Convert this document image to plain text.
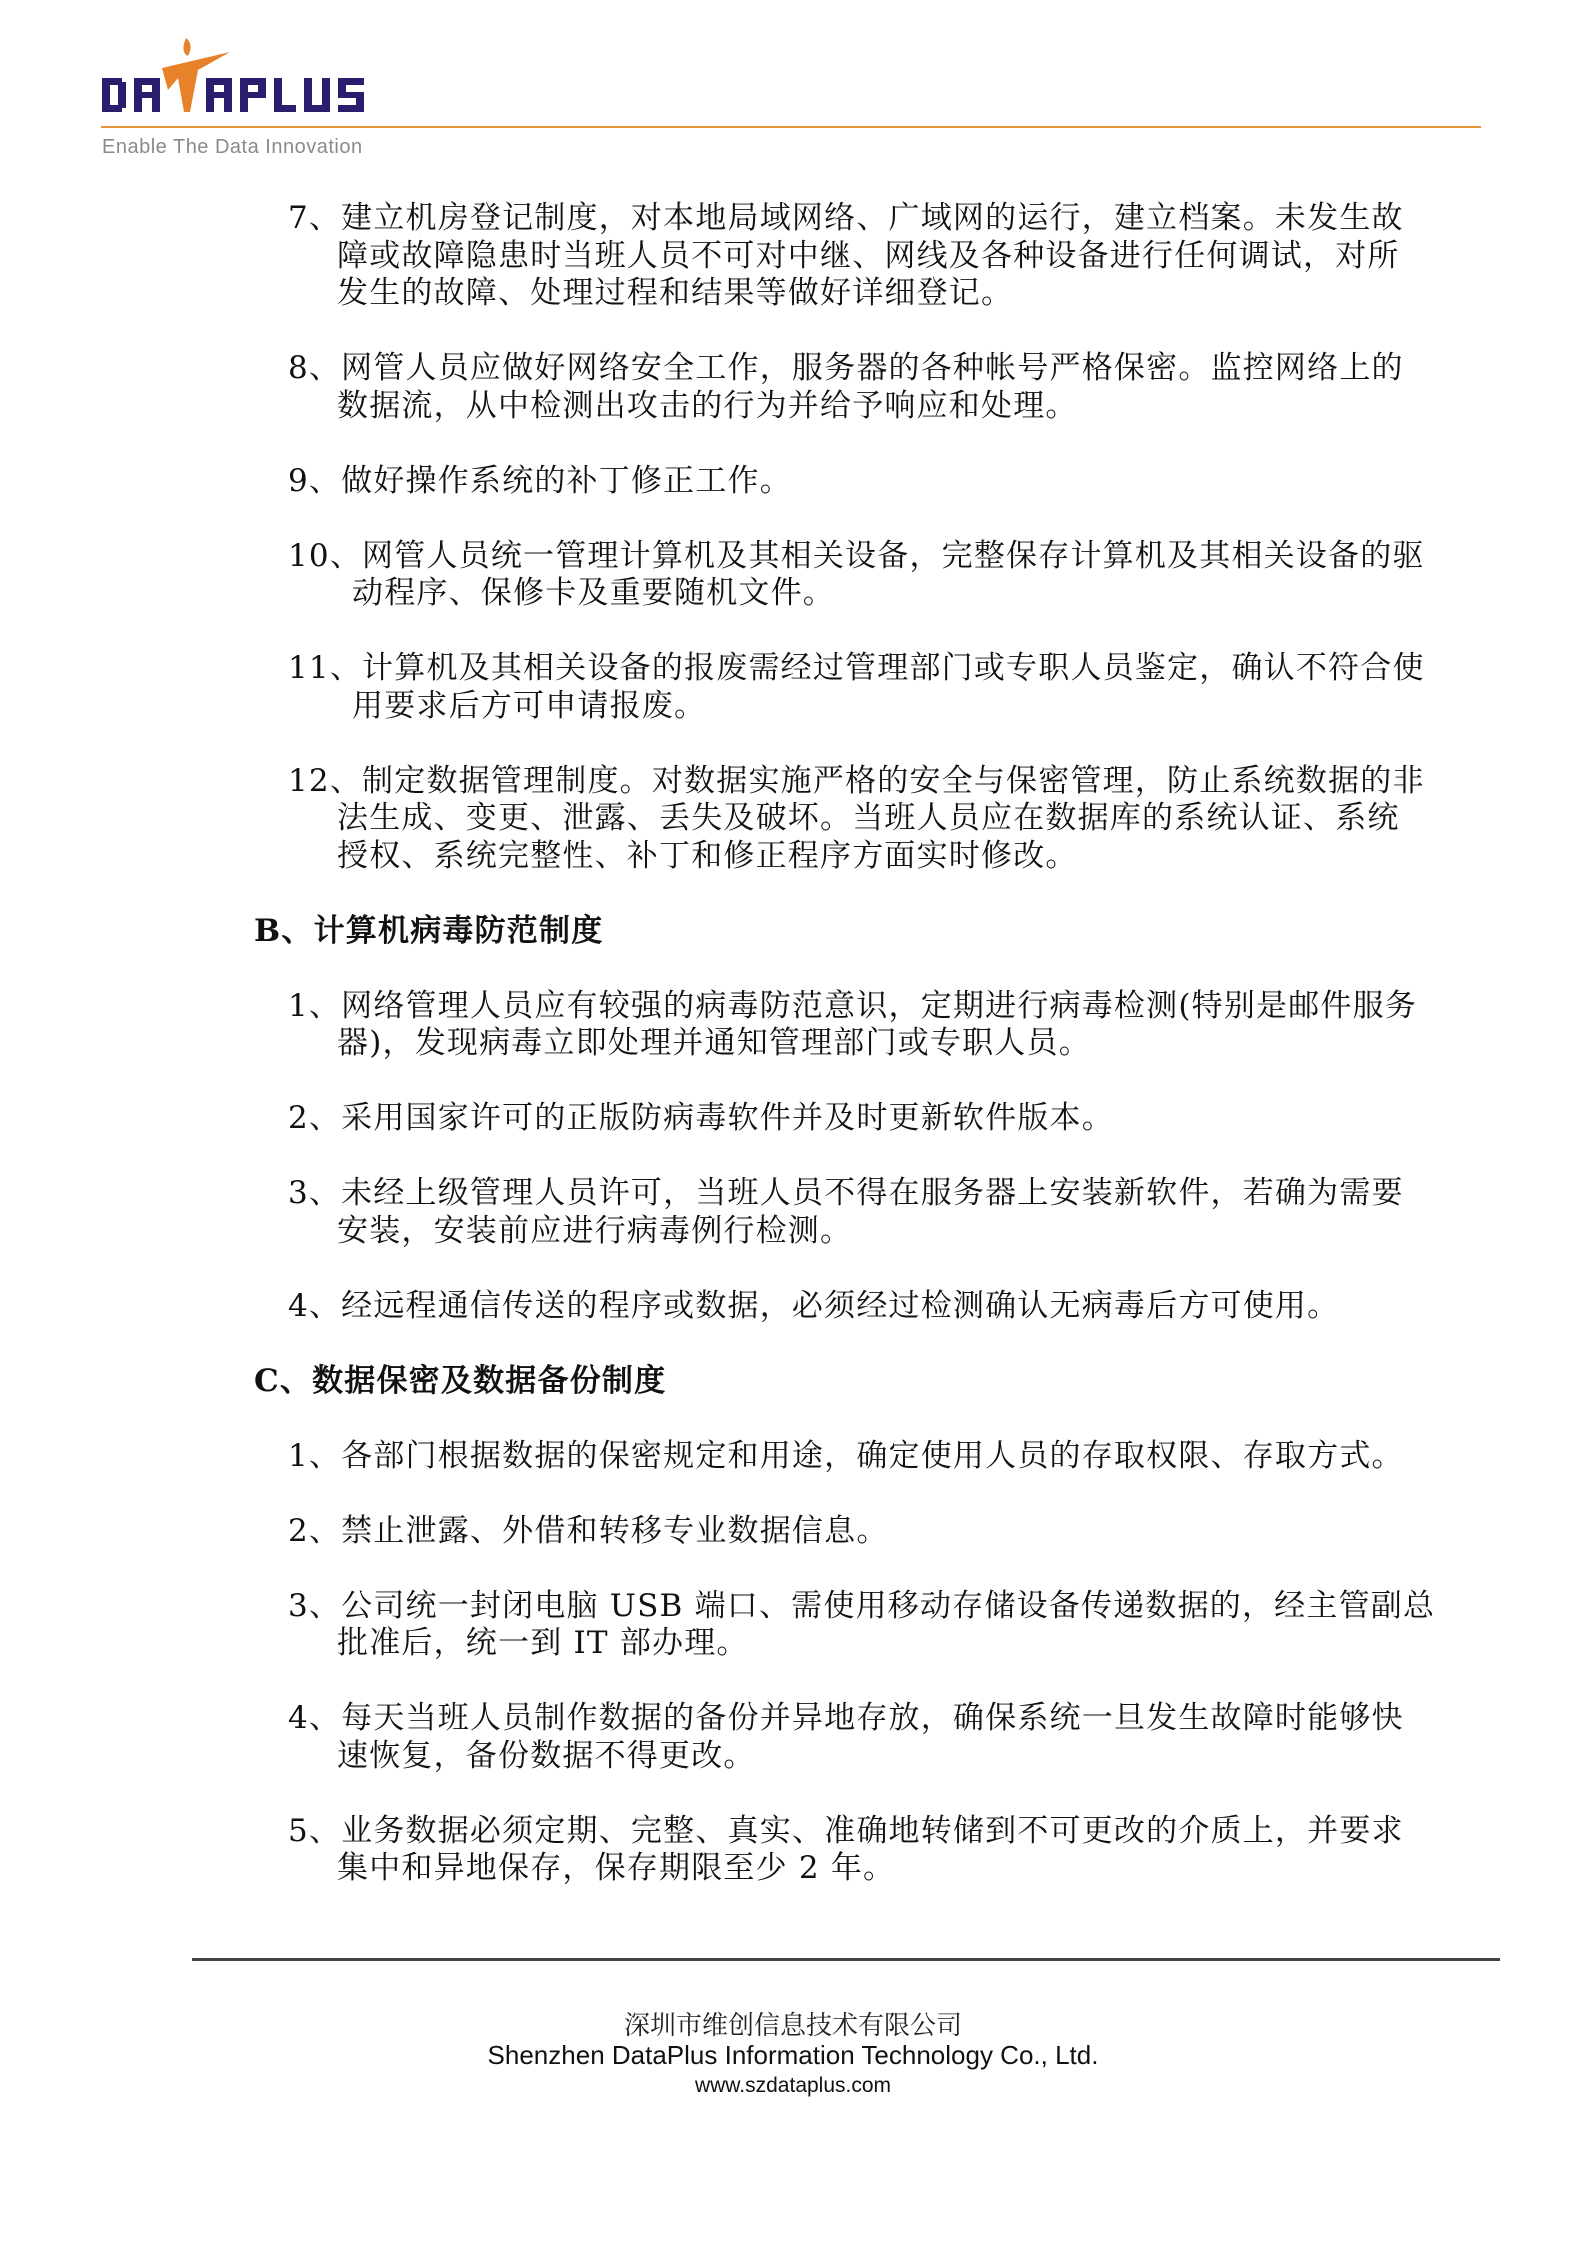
Enable The Data Innovation
7、建立机房登记制度，对本地局域网络、广域网的运行，建立档案。未发生故
障或故障隐患时当班人员不可对中继、网线及各种设备进行任何调试，对所
发生的故障、处理过程和结果等做好详细登记。
8、网管人员应做好网络安全工作，服务器的各种帐号严格保密。监控网络上的
数据流，从中检测出攻击的行为并给予响应和处理。
9、做好操作系统的补丁修正工作。
10、网管人员统一管理计算机及其相关设备，完整保存计算机及其相关设备的驱
动程序、保修卡及重要随机文件。
11、计算机及其相关设备的报废需经过管理部门或专职人员鉴定，确认不符合使
用要求后方可申请报废。
12、制定数据管理制度。对数据实施严格的安全与保密管理，防止系统数据的非
法生成、变更、泄露、丢失及破坏。当班人员应在数据库的系统认证、系统
授权、系统完整性、补丁和修正程序方面实时修改。
B、计算机病毒防范制度
1、网络管理人员应有较强的病毒防范意识，定期进行病毒检测(特别是邮件服务
器)，发现病毒立即处理并通知管理部门或专职人员。
2、采用国家许可的正版防病毒软件并及时更新软件版本。
3、未经上级管理人员许可，当班人员不得在服务器上安装新软件，若确为需要
安装，安装前应进行病毒例行检测。
4、经远程通信传送的程序或数据，必须经过检测确认无病毒后方可使用。
C、数据保密及数据备份制度
1、各部门根据数据的保密规定和用途，确定使用人员的存取权限、存取方式。
2、禁止泄露、外借和转移专业数据信息。
3、公司统一封闭电脑 USB 端口、需使用移动存储设备传递数据的，经主管副总
批准后，统一到 IT 部办理。
4、每天当班人员制作数据的备份并异地存放，确保系统一旦发生故障时能够快
速恢复，备份数据不得更改。
5、业务数据必须定期、完整、真实、准确地转储到不可更改的介质上，并要求
集中和异地保存，保存期限至少 2 年。
深圳市维创信息技术有限公司
Shenzhen DataPlus Information Technology Co., Ltd.
www.szdataplus.com
